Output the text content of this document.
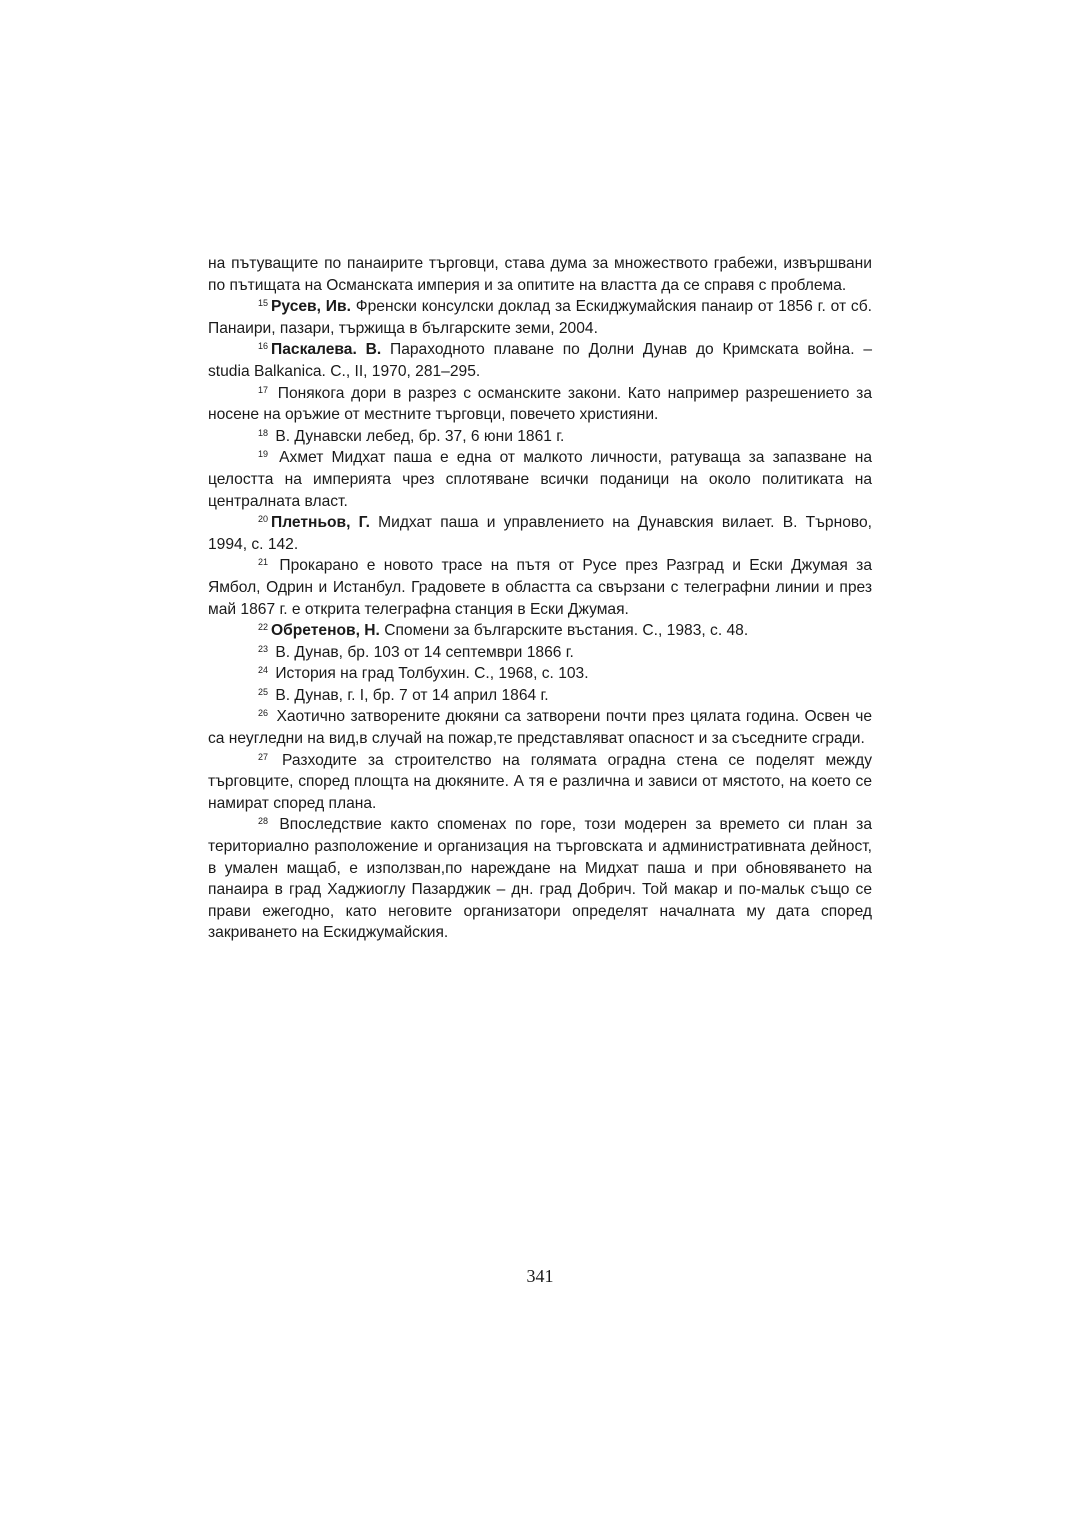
на пътуващите по панаирите търговци, става дума за множеството грабежи, извършвани по пътищата на Османската империя и за опитите на властта да се справя с проблема.

$^{15}$ Русев, Ив. Френски консулски доклад за Ескиджумайския панаир от 1856 г. от сб. Панаири, пазари, тържища в българските земи, 2004.

$^{16}$ Паскалева. В. Параходното плаване по Долни Дунав до Кримската война. – studia Balkanica. С., II, 1970, 281–295.

$^{17}$ Понякога дори в разрез с османските закони. Като например разрешението за носене на оръжие от местните търговци, повечето християни.

$^{18}$ В. Дунавски лебед, бр. 37, 6 юни 1861 г.

$^{19}$ Ахмет Мидхат паша е една от малкото личности, ратуваща за запазване на целостта на империята чрез сплотяване всички поданици на около политиката на централната власт.

$^{20}$ Плетньов, Г. Мидхат паша и управлението на Дунавския вилает. В. Търново, 1994, с. 142.

$^{21}$ Прокарано е новото трасе на пътя от Русе през Разград и Ески Джумая за Ямбол, Одрин и Истанбул. Градовете в областта са свързани с телеграфни линии и през май 1867 г. е открита телеграфна станция в Ески Джумая.

$^{22}$ Обретенов, Н. Спомени за българските въстания. С., 1983, с. 48.

$^{23}$ В. Дунав, бр. 103 от 14 септември 1866 г.

$^{24}$ История на град Толбухин. С., 1968, с. 103.

$^{25}$ В. Дунав, г. I, бр. 7 от 14 април 1864 г.

$^{26}$ Хаотично затворените дюкяни са затворени почти през цялата година. Освен че са неугледни на вид,в случай на пожар,те представляват опасност и за съседните сгради.

$^{27}$ Разходите за строителство на голямата оградна стена се поделят между търговците, според площта на дюкяните. А тя е различна и зависи от мястото, на което се намират според плана.

$^{28}$ Впоследствие както споменах по горе, този модерен за времето си план за териториално разположение и организация на търговската и административната дейност, в умален мащаб, е използван,по нареждане на Мидхат паша и при обновяването на панаира в град Хаджиоглу Пазарджик – дн. град Добрич. Той макар и по-мальк също се прави ежегодно, като неговите организатори определят началната му дата според закриването на Ескиджумайския.

341
